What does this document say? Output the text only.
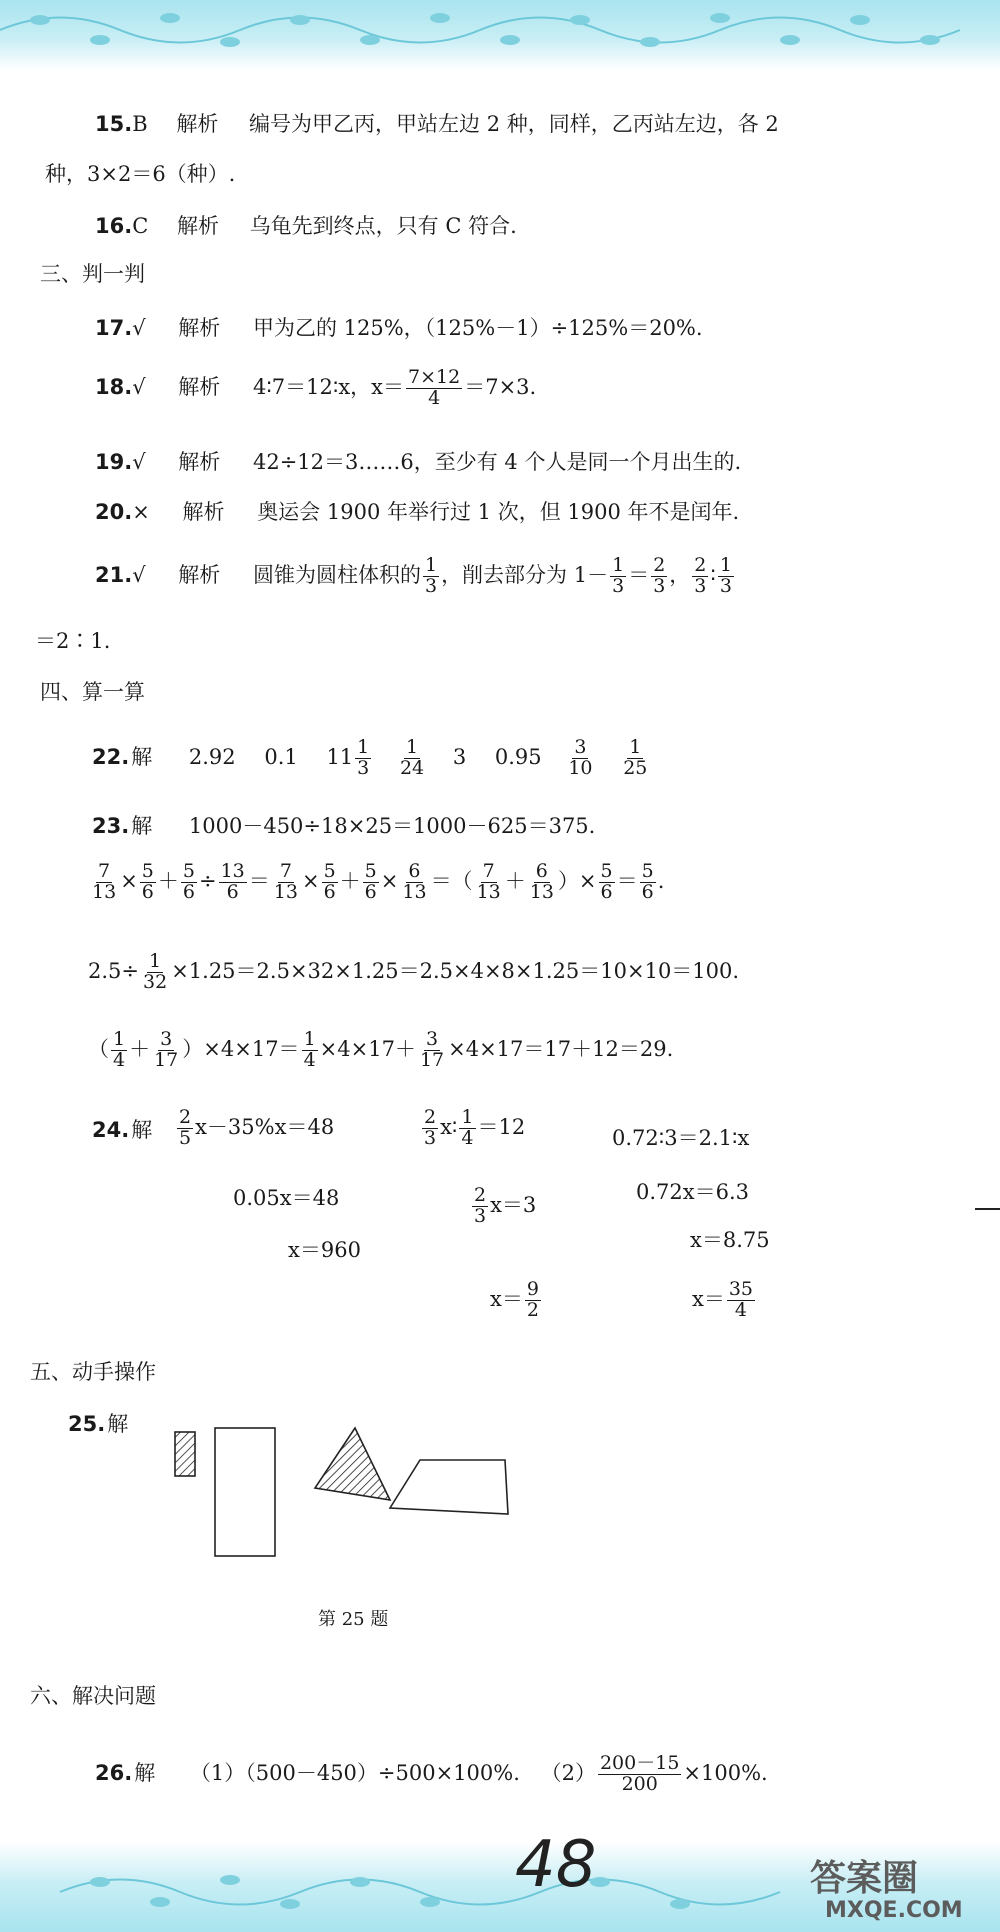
15.B 解析 编号为甲乙丙，甲站左边 2 种，同样，乙丙站左边，各 2
种，3×2＝6（种）.
16.C 解析 乌龟先到终点，只有 C 符合.
三、判一判
17.√ 解析 甲为乙的 125%，（125%－1）÷125%＝20%.
18.√ 解析 4∶7＝12∶x，$x= \frac{7\times 12}{4} =7\times 3$.
19.√ 解析 42÷12＝3……6，至少有 4 个人是同一个月出生的.
20.× 解析 奥运会 1900 年举行过 1 次，但 1900 年不是闰年.
21.√ 解析 圆锥为圆柱体积的 $\frac{1}{3}$ ，削去部分为 $1- \frac{1}{3} = \frac{2}{3}$ ， $\frac{2}{3}$ ∶ $\frac{1}{3}$
＝2∶1.
四、算一算
22.解 2.92 0.1 $11 \frac{1}{3}$
$\frac{1}{24} 3$ $0.95 \frac{3}{10}$
$\frac{1}{25}$
23.解 1000－450÷18×25＝1000－625＝375.
$\frac{7}{13} \times \frac{5}{6} + \frac{5}{6} \div \frac{13}{6} = \frac{7}{13} \times \frac{5}{6} + \frac{5}{6} \times \frac{6}{13}$ ＝（ $\frac{7}{13} + \frac{6}{13}$ ）× $\frac{5}{6} = \frac{5}{6}$ .
$2.5\div \frac{1}{32} \times 1.25=2.5\times 32\times 1.25=2.5\times 4\times 8\times 1.25=10\times 10=100$.
（ $\frac{1}{4} + \frac{3}{17} )\times 4\times 17= \frac{1}{4} \times 4\times 17+ \frac{3}{17} \times 4\times 17=17+12=29$.
24.解 $\frac{2}{5} x-35\%x=48$
0.05x＝48
x＝960
$\frac{2}{3}$ x∶ $\frac{1}{4} =12$
$\frac{2}{3} x=3$
$x= \frac{9}{2}$
0.72∶3＝2.1∶x
0.72x＝6.3
x＝8.75
$x= \frac{35}{4}$
五、动手操作
25.解
第 25 题
六、解决问题
26.解 （1）（500－450）÷500×100%. $(2) \frac{200-15}{200} \times 100\%$.
48	答案圈
MXQE.COM
